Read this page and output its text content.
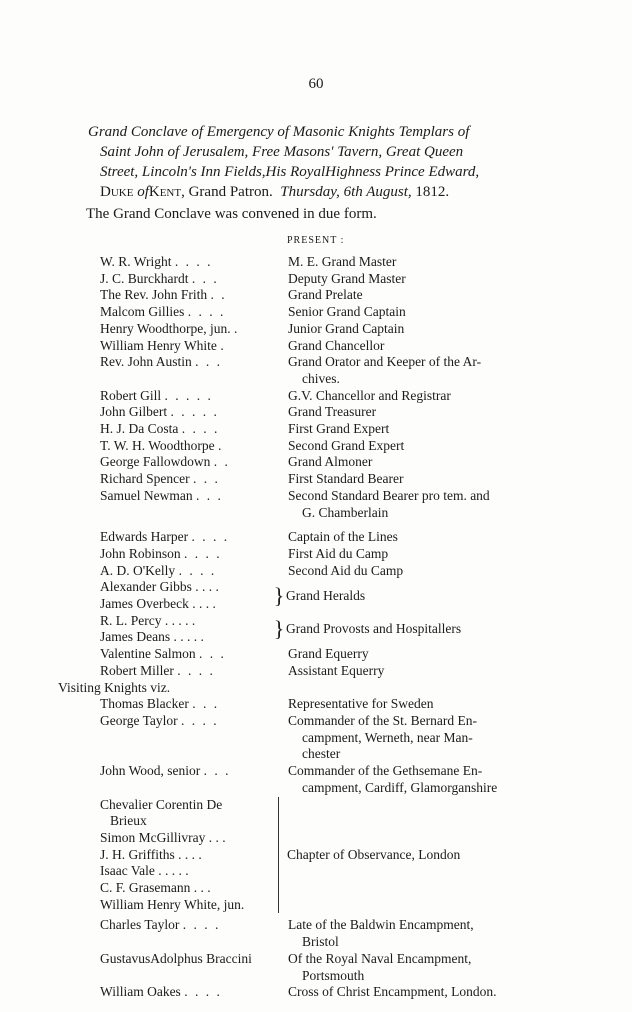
60

Grand Conclave of Emergency of Masonic Knights Templars of
Saint John of Jerusalem, Free Masons' Tavern, Great Queen
Street, Lincoln's Inn Fields,His RoyalHighness Prince Edward,
Duke ofKent, Grand Patron. Thursday, 6th August, 1812.

The Grand Conclave was convened in due form.
PRESENT :
W. R. Wright . . . .	M. E. Grand Master
J. C. Burckhardt . . .	Deputy Grand Master
The Rev. John Frith . .	Grand Prelate
Malcom Gillies . . . .	Senior Grand Captain
Henry Woodthorpe, jun. .	Junior Grand Captain
William Henry White .	Grand Chancellor
Rev. John Austin . . .	Grand Orator and Keeper of the Ar-
chives.
Robert Gill . . . . .	G.V. Chancellor and Registrar
John Gilbert . . . . .	Grand Treasurer
H. J. Da Costa . . . .	First Grand Expert
T. W. H. Woodthorpe .	Second Grand Expert
George Fallowdown . .	Grand Almoner
Richard Spencer . . .	First Standard Bearer
Samuel Newman . . .	Second Standard Bearer pro tem. and
G. Chamberlain
Edwards Harper . . . .	Captain of the Lines
John Robinson . . . .	First Aid du Camp
A. D. O'Kelly . . . .	Second Aid du Camp
Alexander Gibbs . . . .
James Overbeck . . . .	} Grand Heralds
R. L. Percy . . . . .
James Deans . . . . .	} Grand Provosts and Hospitallers
Valentine Salmon . . .	Grand Equerry
Robert Miller . . . .	Assistant Equerry
Visiting Knights viz.
Thomas Blacker . . .	Representative for Sweden
George Taylor . . . .	Commander of the St. Bernard En-
campment, Werneth, near Man-
chester
John Wood, senior . . .	Commander of the Gethsemane En-
campment, Cardiff, Glamorganshire
Chevalier Corentin De
Brieux
Simon McGillivray . . .
J. H. Griffiths . . . .
Isaac Vale . . . . .
C. F. Grasemann . . .
William Henry White, jun.
Chapter of Observance, London
Charles Taylor . . . .	Late of the Baldwin Encampment,
Bristol
GustavusAdolphus Braccini	Of the Royal Naval Encampment,
Portsmouth
William Oakes . . . .	Cross of Christ Encampment, London.
